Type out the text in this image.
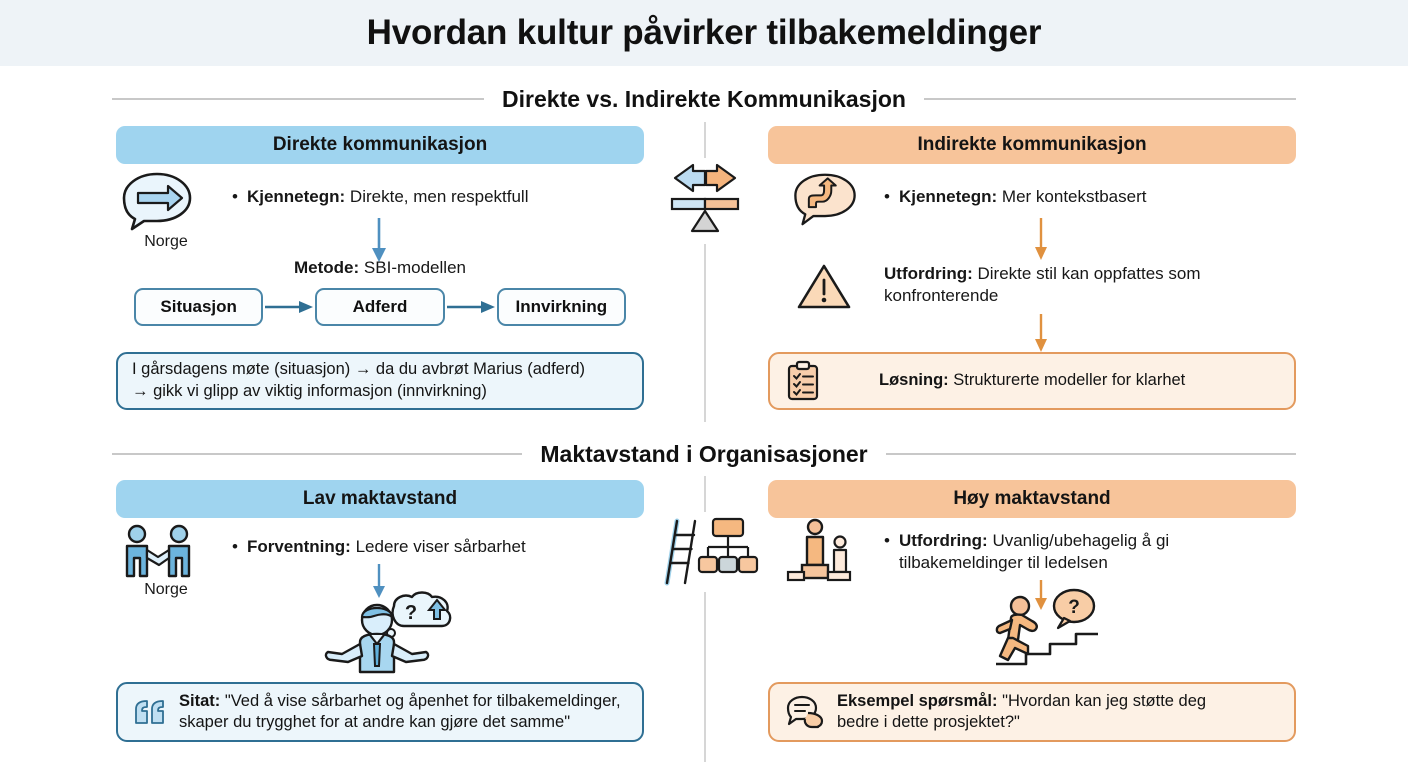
Hvordan kultur påvirker tilbakemeldinger
Direkte vs. Indirekte Kommunikasjon
Maktavstand i Organisasjoner
Direkte kommunikasjon
Norge
• Kjennetegn: Direkte, men respektfull
Metode: SBI-modellen
Situasjon	Adferd	Innvirkning
I gårsdagens møte (situasjon) → da du avbrøt Marius (adferd)
→ gikk vi glipp av viktig informasjon (innvirkning)
Indirekte kommunikasjon
• Kjennetegn: Mer kontekstbasert
Utfordring: Direkte stil kan oppfattes som
konfronterende
Løsning: Strukturerte modeller for klarhet
Lav maktavstand
Norge
• Forventning: Ledere viser sårbarhet
?
Sitat: "Ved å vise sårbarhet og åpenhet for tilbakemeldinger,
skaper du trygghet for at andre kan gjøre det samme"
Høy maktavstand
• Utfordring: Uvanlig/ubehagelig å gi
tilbakemeldinger til ledelsen
?
Eksempel spørsmål: "Hvordan kan jeg støtte deg
bedre i dette prosjektet?"
